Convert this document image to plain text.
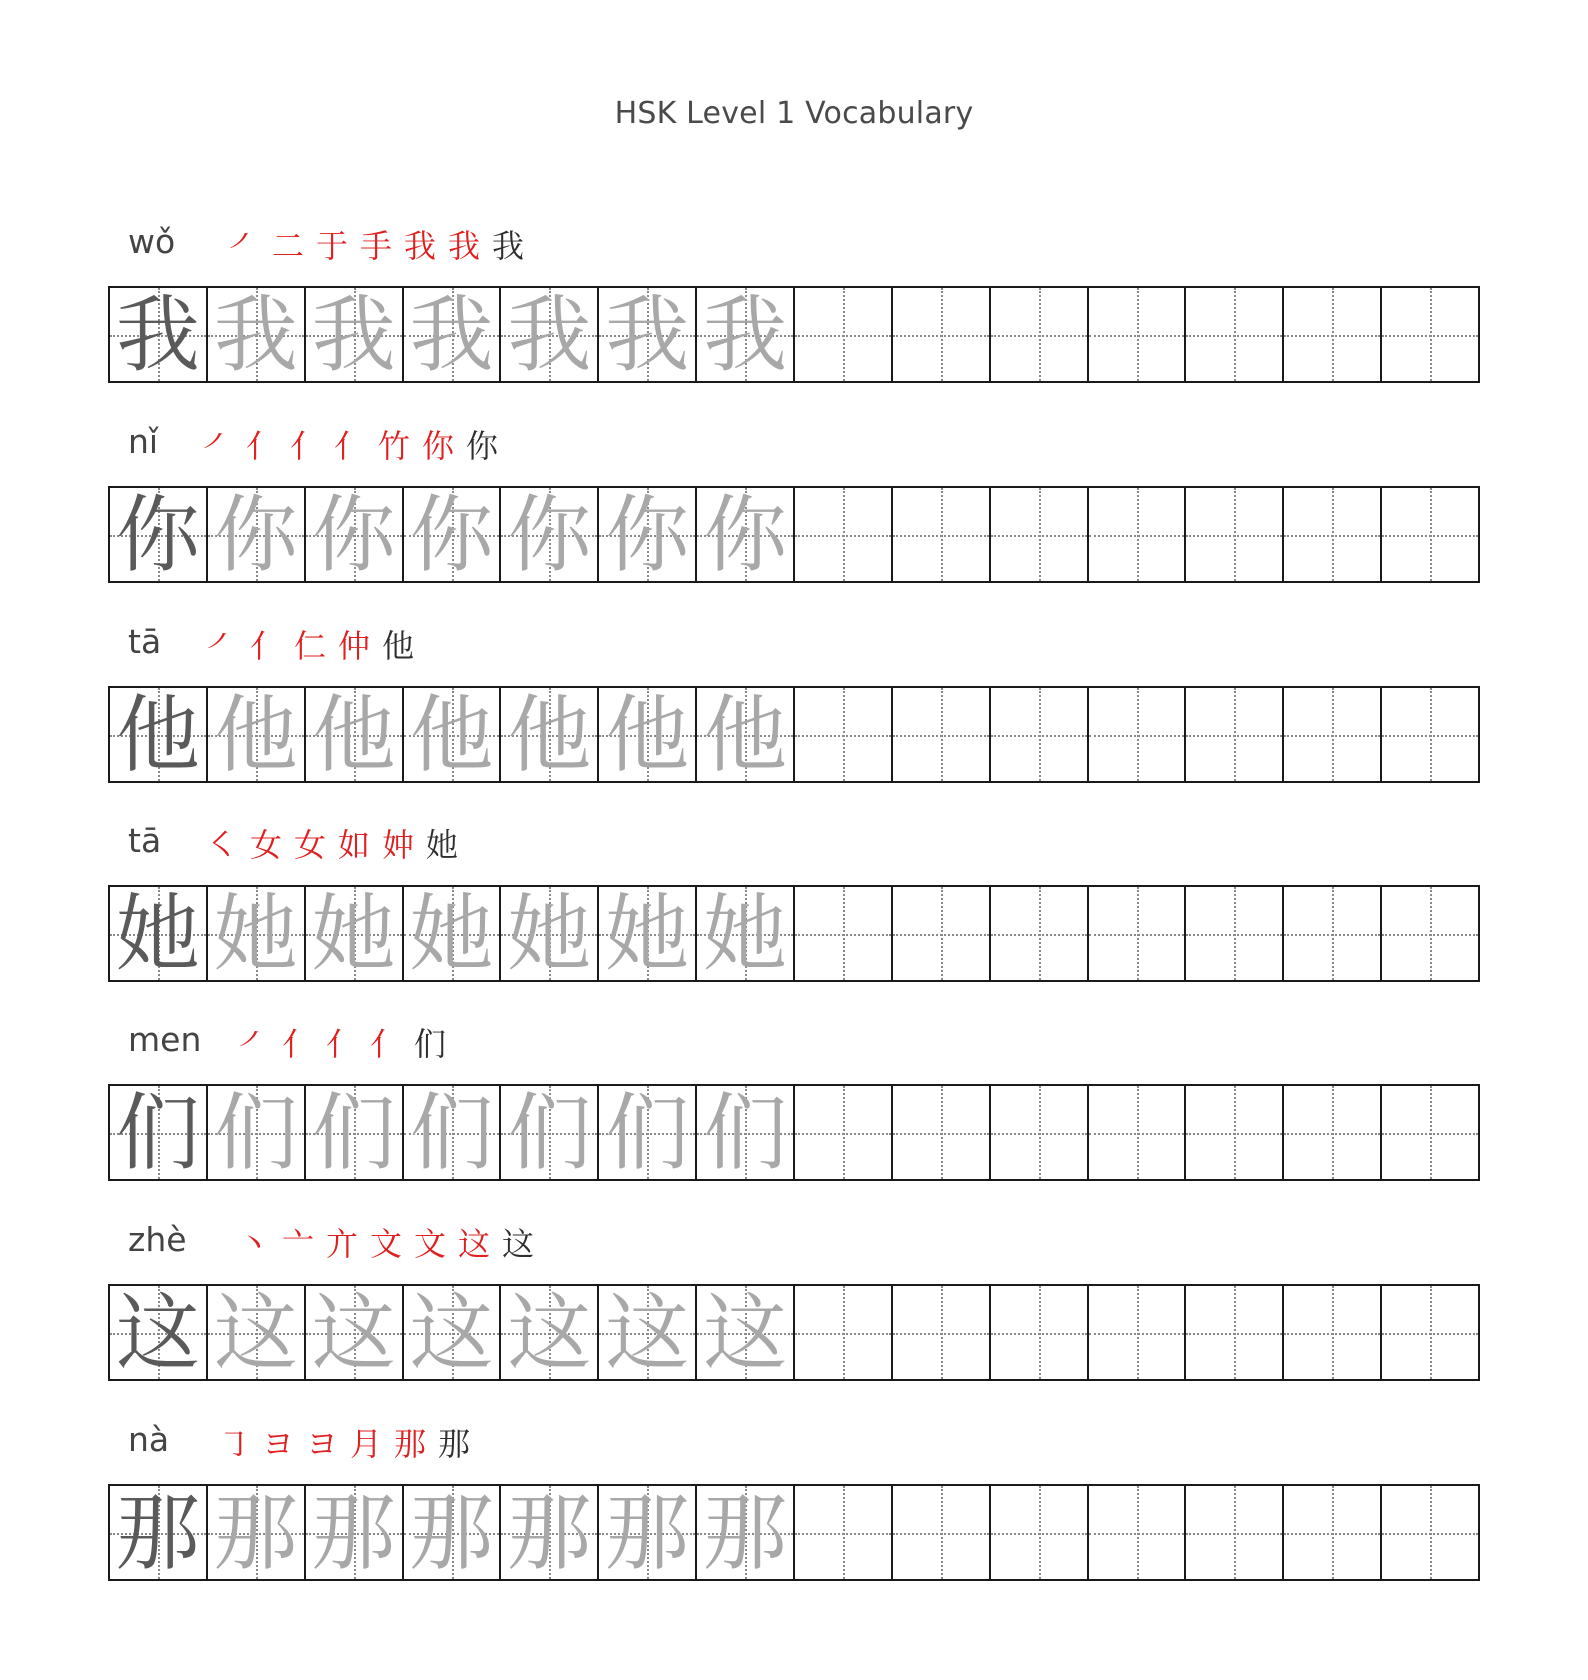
HSK Level 1 Vocabulary
wǒ ㇒ 二 于 手 我 我 我
我 我 我 我 我 我 我
nǐ ㇒ 亻 亻 亻 竹 你 你
你 你 你 你 你 你 你
tā ㇒ 亻 仁 仲 他
他 他 他 他 他 他 他
tā ㇛ 女 女 如 妕 她
她 她 她 她 她 她 她
men ㇒ 亻 亻 亻 们
们 们 们 们 们 们 们
zhè 丶 亠 亣 文 文 这 这
这 这 这 这 这 这 这
nà ㇆ ヨ ヨ 月 那 那
那 那 那 那 那 那 那
